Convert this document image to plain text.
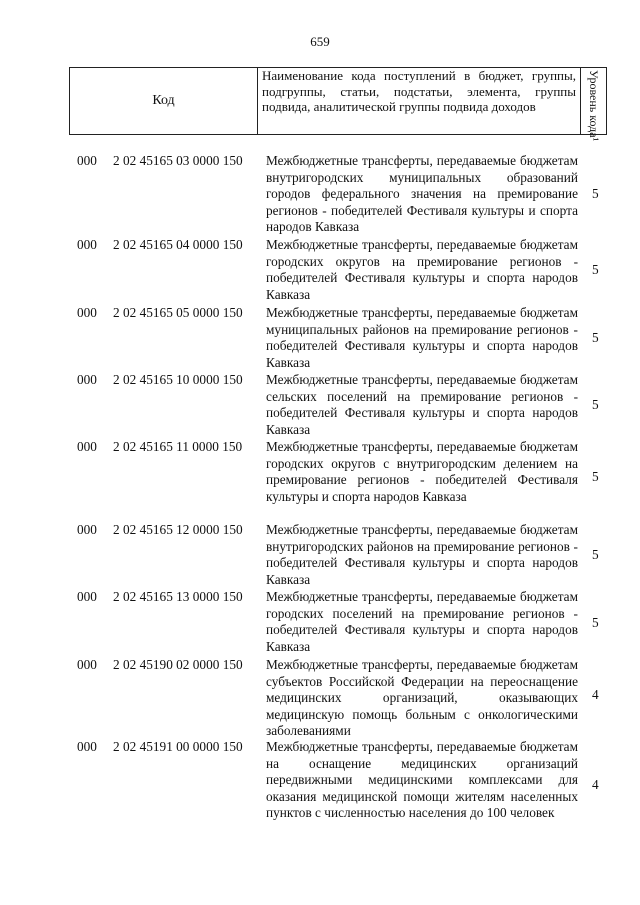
659
Код
Наименование кода поступлений в бюджет, группы, подгруппы, статьи, подстатьи, элемента, группы подвида, аналитической группы подвида доходов	Уровень кода¹
000 2 02 45165 03 0000 150 Межбюджетные трансферты, передаваемые бюджетам внутригородских муниципальных образований городов федерального значения на премирование регионов - победителей Фестиваля культуры и спорта народов Кавказа
5
000 2 02 45165 04 0000 150 Межбюджетные трансферты, передаваемые бюджетам городских округов на премирование регионов - победителей Фестиваля культуры и спорта народов Кавказа
5
000 2 02 45165 05 0000 150 Межбюджетные трансферты, передаваемые бюджетам муниципальных районов на премирование регионов - победителей Фестиваля культуры и спорта народов Кавказа
5
000 2 02 45165 10 0000 150 Межбюджетные трансферты, передаваемые бюджетам сельских поселений на премирование регионов - победителей Фестиваля культуры и спорта народов Кавказа
5
000 2 02 45165 11 0000 150 Межбюджетные трансферты, передаваемые бюджетам городских округов с внутригородским делением на премирование регионов - победителей Фестиваля культуры и спорта народов Кавказа
5
000 2 02 45165 12 0000 150 Межбюджетные трансферты, передаваемые бюджетам внутригородских районов на премирование регионов - победителей Фестиваля культуры и спорта народов Кавказа
5
000 2 02 45165 13 0000 150 Межбюджетные трансферты, передаваемые бюджетам городских поселений на премирование регионов - победителей Фестиваля культуры и спорта народов Кавказа
5
000 2 02 45190 02 0000 150 Межбюджетные трансферты, передаваемые бюджетам субъектов Российской Федерации на переоснащение медицинских организаций, оказывающих медицинскую помощь больным с онкологическими заболеваниями
4
000 2 02 45191 00 0000 150 Межбюджетные трансферты, передаваемые бюджетам на оснащение медицинских организаций передвижными медицинскими комплексами для оказания медицинской помощи жителям населенных пунктов с численностью населения до 100 человек
4
